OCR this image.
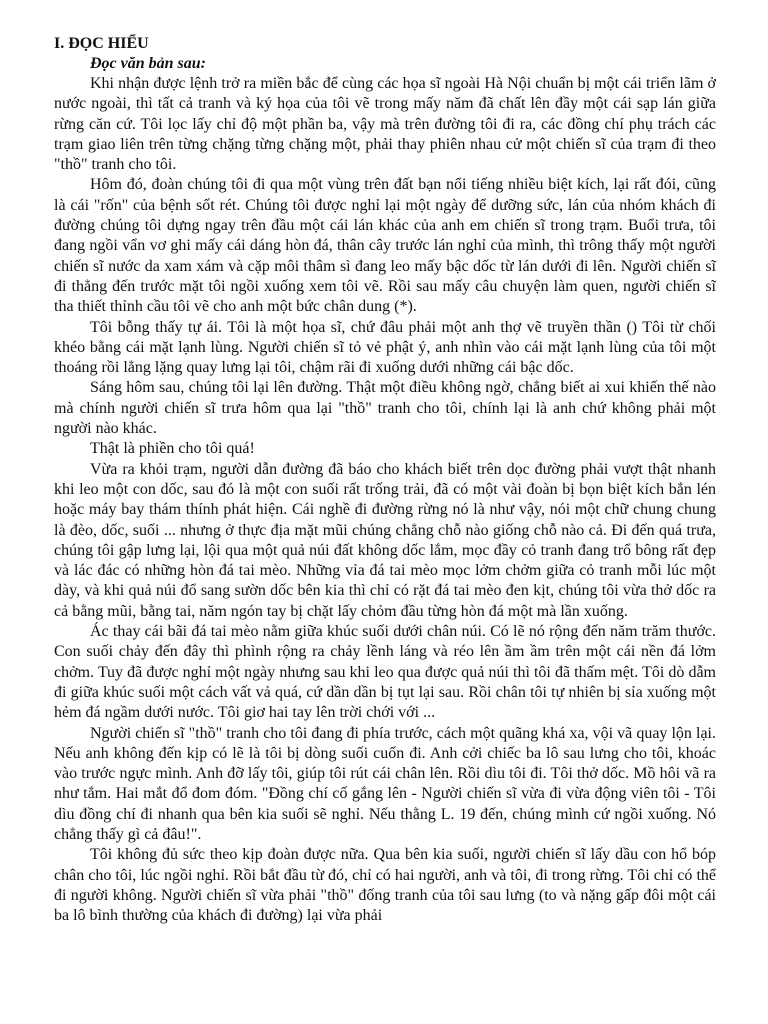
I. ĐỌC HIỂU

Đọc văn bản sau:

Khi nhận được lệnh trở ra miền bắc để cùng các họa sĩ ngoài Hà Nội chuẩn bị một cái triển lãm ở nước ngoài, thì tất cả tranh và ký họa của tôi vẽ trong mấy năm đã chất lên đầy một cái sạp lán giữa rừng căn cứ. Tôi lọc lấy chỉ độ một phần ba, vậy mà trên đường tôi đi ra, các đồng chí phụ trách các trạm giao liên trên từng chặng từng chặng một, phải thay phiên nhau cử một chiến sĩ của trạm đi theo "thồ" tranh cho tôi.

Hôm đó, đoàn chúng tôi đi qua một vùng trên đất bạn nổi tiếng nhiều biệt kích, lại rất đói, cũng là cái "rốn" của bệnh sốt rét. Chúng tôi được nghỉ lại một ngày để dưỡng sức, lán của nhóm khách đi đường chúng tôi dựng ngay trên đầu một cái lán khác của anh em chiến sĩ trong trạm. Buổi trưa, tôi đang ngồi vẩn vơ ghi mấy cái dáng hòn đá, thân cây trước lán nghỉ của mình, thì trông thấy một người chiến sĩ nước da xam xám và cặp môi thâm sì đang leo mấy bậc dốc từ lán dưới đi lên. Người chiến sĩ đi thẳng đến trước mặt tôi ngồi xuống xem tôi vẽ. Rồi sau mấy câu chuyện làm quen, người chiến sĩ tha thiết thỉnh cầu tôi vẽ cho anh một bức chân dung (*).

Tôi bỗng thấy tự ái. Tôi là một họa sĩ, chứ đâu phải một anh thợ vẽ truyền thần () Tôi từ chối khéo bằng cái mặt lạnh lùng. Người chiến sĩ tỏ vẻ phật ý, anh nhìn vào cái mặt lạnh lùng của tôi một thoáng rồi lẳng lặng quay lưng lại tôi, chậm rãi đi xuống dưới những cái bậc dốc.

Sáng hôm sau, chúng tôi lại lên đường. Thật một điều không ngờ, chẳng biết ai xui khiến thế nào mà chính người chiến sĩ trưa hôm qua lại "thồ" tranh cho tôi, chính lại là anh chứ không phải một người nào khác.

Thật là phiền cho tôi quá!

Vừa ra khỏi trạm, người dẫn đường đã báo cho khách biết trên dọc đường phải vượt thật nhanh khi leo một con dốc, sau đó là một con suối rất trống trải, đã có một vài đoàn bị bọn biệt kích bắn lén hoặc máy bay thám thính phát hiện. Cái nghề đi đường rừng nó là như vậy, nói một chữ chung chung là đèo, dốc, suối ... nhưng ở thực địa mặt mũi chúng chẳng chỗ nào giống chỗ nào cả. Đi đến quá trưa, chúng tôi gập lưng lại, lội qua một quả núi đất không dốc lắm, mọc đầy cỏ tranh đang trổ bông rất đẹp và lác đác có những hòn đá tai mèo. Những vỉa đá tai mèo mọc lởm chởm giữa cỏ tranh mỗi lúc một dày, và khi quả núi đổ sang sườn dốc bên kia thì chỉ có rặt đá tai mèo đen kịt, chúng tôi vừa thở dốc ra cả bằng mũi, bằng tai, năm ngón tay bị chặt lấy chỏm đầu từng hòn đá một mà lần xuống.

Ác thay cái bãi đá tai mèo nằm giữa khúc suối dưới chân núi. Có lẽ nó rộng đến năm trăm thước. Con suối chảy đến đây thì phình rộng ra chảy lềnh láng và réo lên ầm ầm trên một cái nền đá lởm chởm. Tuy đã được nghỉ một ngày nhưng sau khi leo qua được quả núi thì tôi đã thấm mệt. Tôi dò dẫm đi giữa khúc suối một cách vất vả quá, cứ dần dần bị tụt lại sau. Rồi chân tôi tự nhiên bị sỉa xuống một hẻm đá ngầm dưới nước. Tôi giơ hai tay lên trời chới với ...

Người chiến sĩ "thồ" tranh cho tôi đang đi phía trước, cách một quãng khá xa, vội vã quay lộn lại. Nếu anh không đến kịp có lẽ là tôi bị dòng suối cuốn đi. Anh cởi chiếc ba lô sau lưng cho tôi, khoác vào trước ngực mình. Anh đỡ lấy tôi, giúp tôi rút cái chân lên. Rồi dìu tôi đi. Tôi thở dốc. Mồ hôi vã ra như tắm. Hai mắt đổ đom đóm. "Đồng chí cố gắng lên - Người chiến sĩ vừa đi vừa động viên tôi - Tôi dìu đồng chí đi nhanh qua bên kia suối sẽ nghỉ. Nếu thằng L. 19 đến, chúng mình cứ ngồi xuống. Nó chẳng thấy gì cả đâu!".

Tôi không đủ sức theo kịp đoàn được nữa. Qua bên kia suối, người chiến sĩ lấy dầu con hổ bóp chân cho tôi, lúc ngồi nghỉ. Rồi bắt đầu từ đó, chỉ có hai người, anh và tôi, đi trong rừng. Tôi chỉ có thể đi người không. Người chiến sĩ vừa phải "thồ" đống tranh của tôi sau lưng (to và nặng gấp đôi một cái ba lô bình thường của khách đi đường) lại vừa phải
